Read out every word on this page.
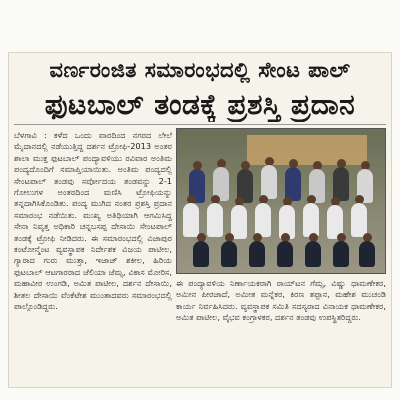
ವರ್ಣರಂಜಿತ ಸಮಾರಂಭದಲ್ಲಿ ಸೇಂಟ ಪಾಲ್
ಫುಟಬಾಲ್ ತಂಡಕ್ಕೆ ಪ್ರಶಸ್ತಿ ಪ್ರದಾನ

ಬೆಳಗಾವಿ : ಕಳೆದ ಒಂದು ವಾರದಿಂದ ನಗರದ ಲೇಲೆ ಮೈದಾನದಲ್ಲಿ ನಡೆಯುತ್ತಿದ್ದ ದರ್ಶನ ಟ್ರೋಫಿ-2013 ಅಂತರ ಶಾಲಾ ಮುಕ್ತ ಫುಟಬಾಲ್ ಪಂದ್ಯಾವಳಿಯು ರವಿವಾರ ಅಂತಿಮ ಪಂದ್ಯದೊಂದಿಗೆ ಸಮಾಪ್ತಿಯಾಯಿತು. ಅಂತಿಮ ಪಂದ್ಯದಲ್ಲಿ ಸೇಂಟಪಾಲ್ ತಂಡವು ಸರ್ವೋದಯ ತಂಡವನ್ನು 2-1 ಗೋಲುಗಳ ಅಂತರದಿಂದ ಮಣಿಸಿ ಟ್ರೋಫಿಯನ್ನು ತನ್ನದಾಗಿಸಿಕೊಂಡಿತು. ಪಂದ್ಯ ಮುಗಿದ ನಂತರ ಪ್ರಶಸ್ತಿ ಪ್ರದಾನ ಸಮಾರಂಭ ನಡೆಯಿತು. ಮುಖ್ಯ ಅತಿಥಿಯಾಗಿ ಆಗಮಿಸಿದ್ದ ಸೇನಾ ನಿವೃತ್ತ ಅಧಿಕಾರಿ ಚನ್ನಬಸಪ್ಪ ದೇಸಾಯಿ ಸೇಂಟಪಾಲ್ ತಂಡಕ್ಕೆ ಟ್ರೋಫಿ ನೀಡಿದರು. ಈ ಸಮಾರಂಭದಲ್ಲಿ ವಿಜಾಪುರ ಕಂಟೋನ್ಮೆಂಟ ವ್ಯವಸ್ಥಾಪಕ ನಿರ್ದೇಶಕ ವಿಜಯ ಪಾಟೀಲ, ಗ್ಯಾರಾದ ಗುರು ಮುತ್ತಾ, ಇಜಾಜ್ ಶಕೀಲ, ಹಿರಿಯ ಫುಟಬಾಲ್ ಆಟಗಾರರಾದ ಜೆಲಿಯಾ ಜೆಮ್ಸ, ವಿಕಾಸ ಮೋರಿಸ, ಮಹಾವೀರ ಉಂಗಡಿ, ಅಮಿತ ಪಾಟೀಲ, ದರ್ಶನ ದೇಸಾಯಿ, ಶೀತಲ ದೇಸಾಯಿ ವೆಂಕೆಟೇಶ ಮುಂತಾದವರು ಸಮಾರಂಭದಲ್ಲಿ ಪಾಲ್ಗೊಂಡಿದ್ದರು.

ಈ ಪಂದ್ಯಾವಳಿಯ ನಿರ್ಣಾಯಕರಾಗಿ ರಾಯ್‌ಟನ ಗೆಮ್ಸ, ವಿಷ್ಣು ಧಾಮಣೇಕರ, ಅಮೀನ ಪೀರಜಾದೆ, ಅಮೀತ ಮನ್ನೆಕರ, ಕಿರಣ ತಪ್ಪಾನ, ಮಹೇಶ ಮುಚಂಡಿ ಕಾರ್ಯ ನಿರ್ವಹಿಸಿದರು. ವ್ಯವಸ್ಥಾಪಕ ಸಮಿತಿ ಸದಸ್ಯರಾದ ವಿನಾಯಕ ಧಾಮಣೇಕರ, ಅಮಿತ ಪಾಟೀಲ, ವೈಭವ ಕಂಗ್ರಾಳಕರ, ದರ್ಶನ ತಂಡವು ಉಪಸ್ಥಿತರಿದ್ದರು.
